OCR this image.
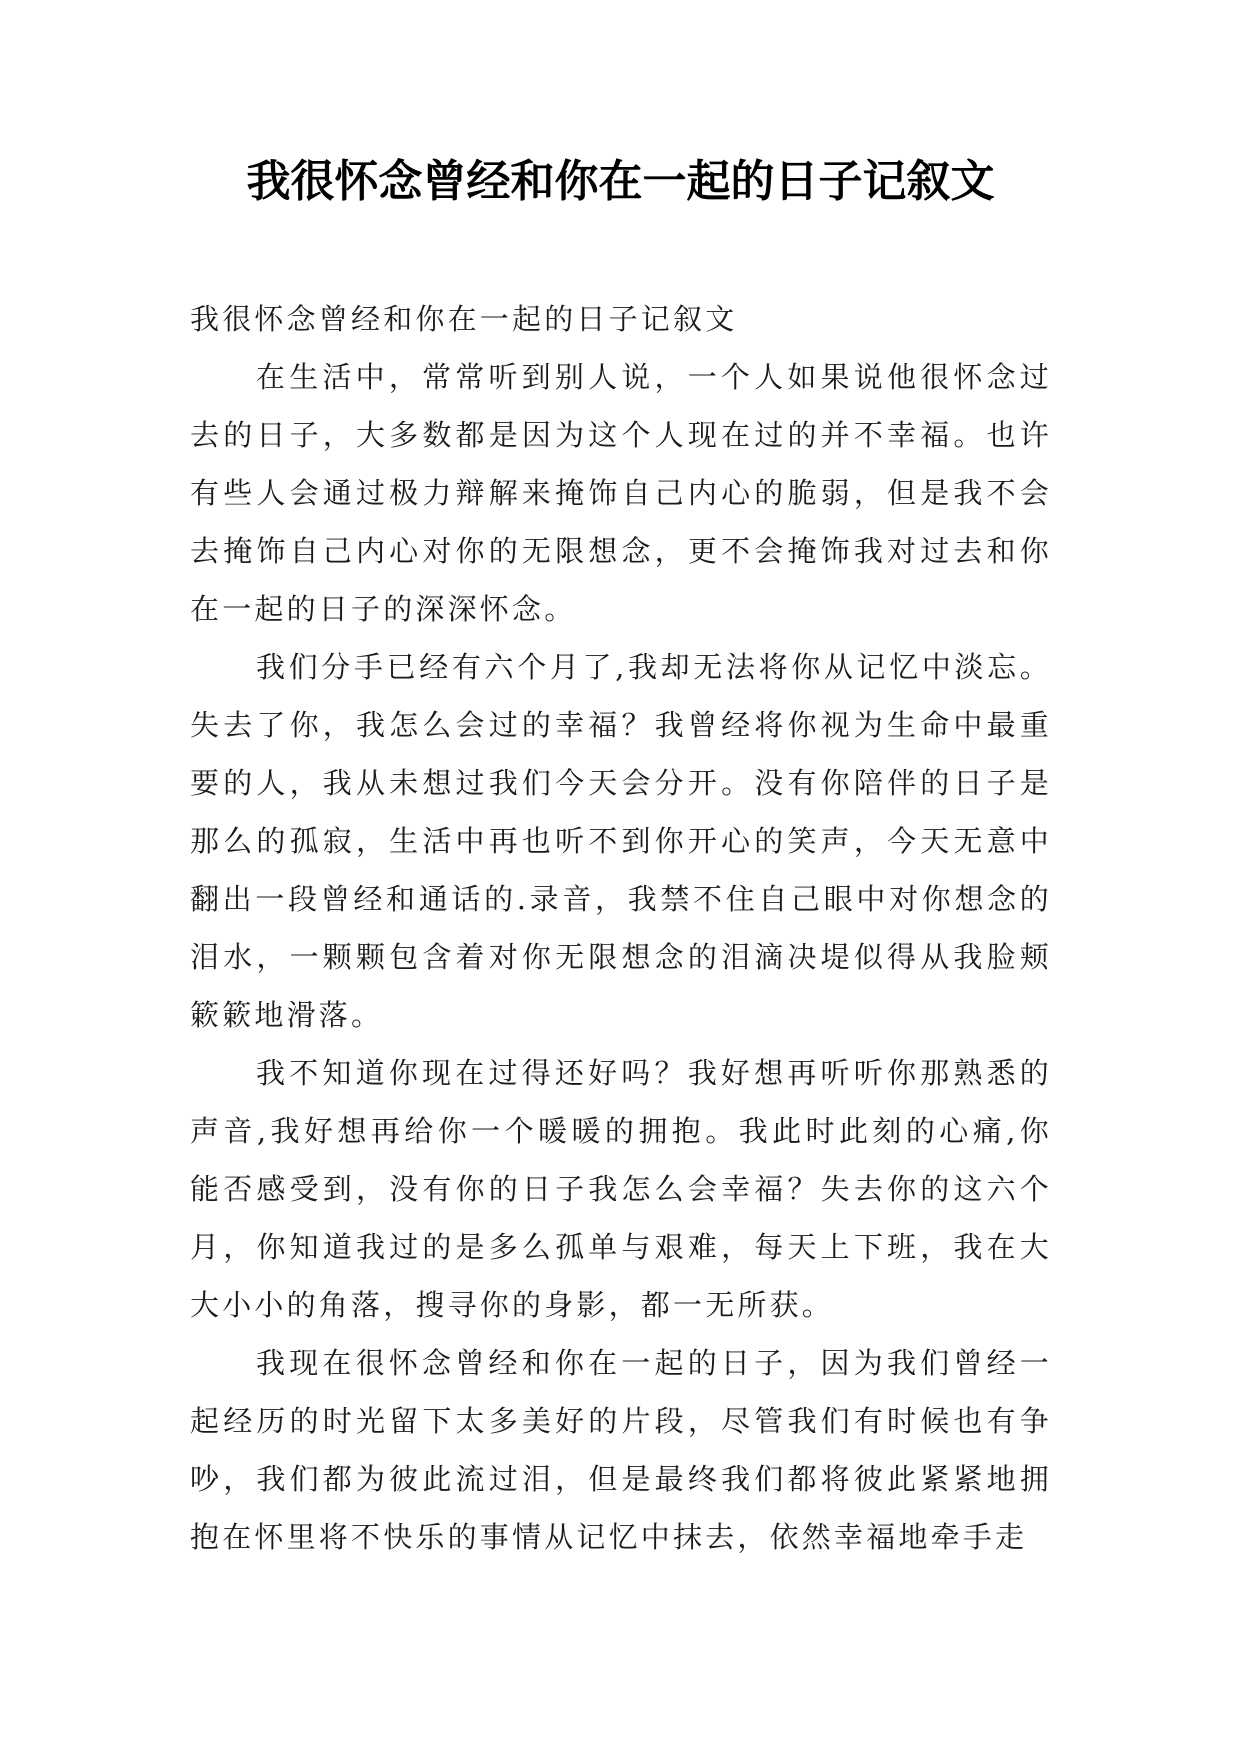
我很怀念曾经和你在一起的日子记叙文

我很怀念曾经和你在一起的日子记叙文

在生活中，常常听到别人说，一个人如果说他很怀念过去的日子，大多数都是因为这个人现在过的并不幸福。也许有些人会通过极力辩解来掩饰自己内心的脆弱，但是我不会去掩饰自己内心对你的无限想念，更不会掩饰我对过去和你在一起的日子的深深怀念。

我们分手已经有六个月了,我却无法将你从记忆中淡忘。失去了你，我怎么会过的幸福？我曾经将你视为生命中最重要的人，我从未想过我们今天会分开。没有你陪伴的日子是那么的孤寂，生活中再也听不到你开心的笑声，今天无意中翻出一段曾经和通话的.录音，我禁不住自己眼中对你想念的泪水，一颗颗包含着对你无限想念的泪滴决堤似得从我脸颊簌簌地滑落。

我不知道你现在过得还好吗？我好想再听听你那熟悉的声音,我好想再给你一个暖暖的拥抱。我此时此刻的心痛,你能否感受到，没有你的日子我怎么会幸福？失去你的这六个月，你知道我过的是多么孤单与艰难，每天上下班，我在大大小小的角落，搜寻你的身影，都一无所获。

我现在很怀念曾经和你在一起的日子，因为我们曾经一起经历的时光留下太多美好的片段，尽管我们有时候也有争吵，我们都为彼此流过泪，但是最终我们都将彼此紧紧地拥抱在怀里将不快乐的事情从记忆中抹去，依然幸福地牵手走
